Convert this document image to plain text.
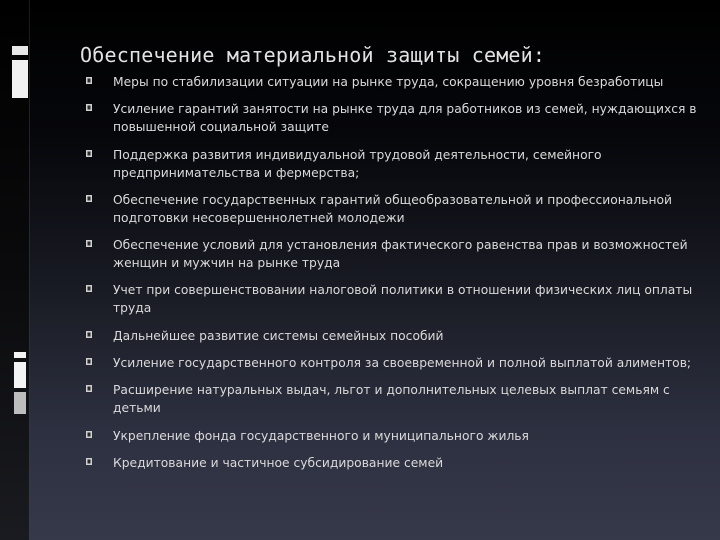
Обеспечение материальной защиты семей:
Меры по стабилизации ситуации на рынке труда, сокращению уровня безработицы
Усиление гарантий занятости на рынке труда для работников из семей, нуждающихся в повышенной социальной защите
Поддержка развития индивидуальной трудовой деятельности, семейного предпринимательства и фермерства;
Обеспечение государственных гарантий общеобразовательной и профессиональной подготовки несовершеннолетней молодежи
Обеспечение условий для установления фактического равенства прав и возможностей женщин и мужчин на рынке труда
Учет при совершенствовании налоговой политики в отношении физических лиц оплаты труда
Дальнейшее развитие системы семейных пособий
Усиление государственного контроля за своевременной и полной выплатой алиментов;
Расширение натуральных выдач, льгот и дополнительных целевых выплат семьям с детьми
Укрепление фонда государственного и муниципального жилья
Кредитование и частичное субсидирование семей
